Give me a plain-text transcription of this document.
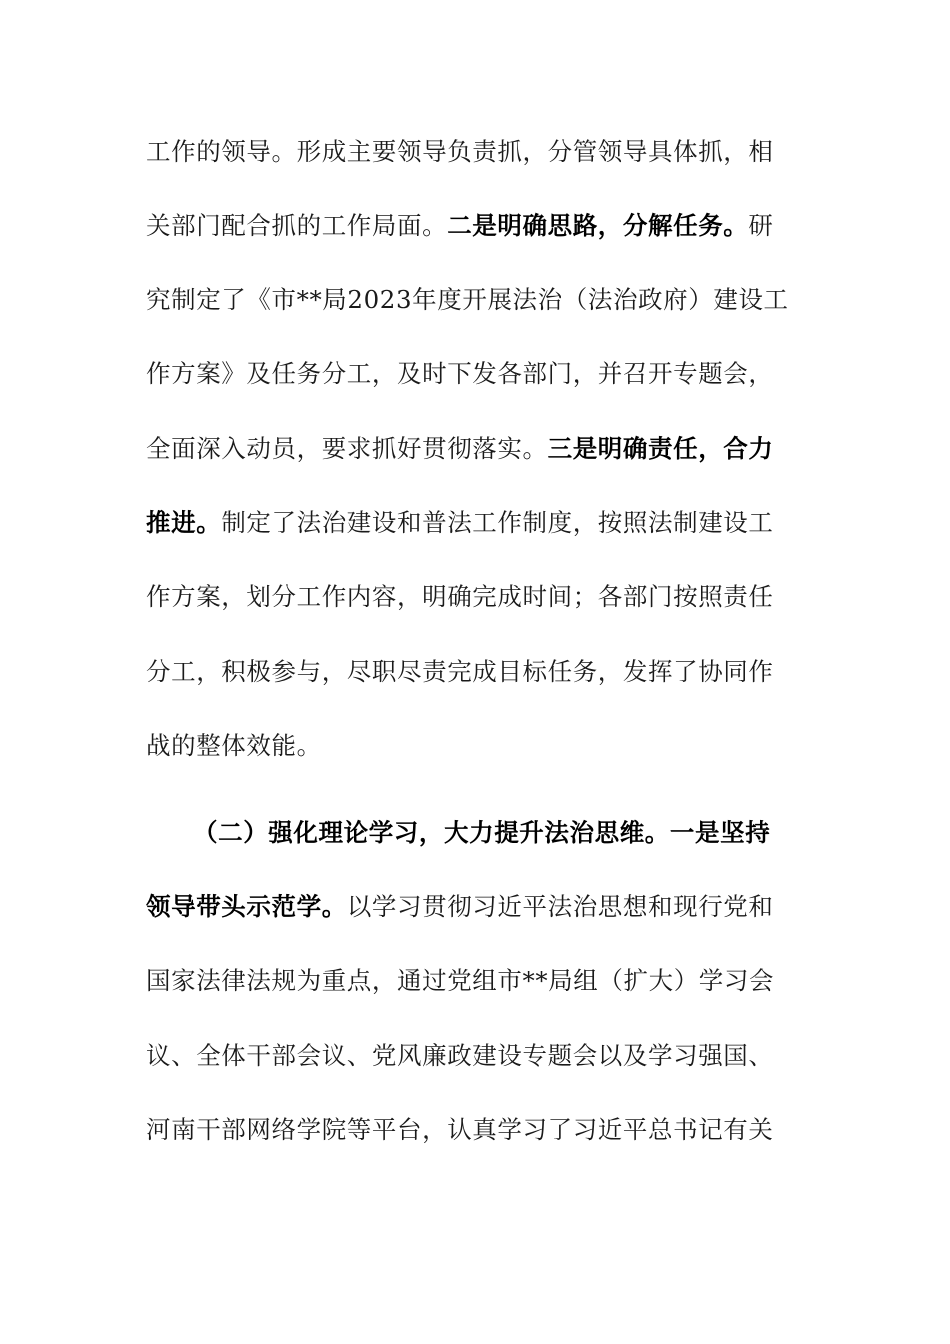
工作的领导。形成主要领导负责抓，分管领导具体抓，相
关部门配合抓的工作局面。二是明确思路，分解任务。研
究制定了《市**局2023年度开展法治（法治政府）建设工
作方案》及任务分工，及时下发各部门，并召开专题会，
全面深入动员，要求抓好贯彻落实。三是明确责任，合力
推进。制定了法治建设和普法工作制度，按照法制建设工
作方案，划分工作内容，明确完成时间；各部门按照责任
分工，积极参与，尽职尽责完成目标任务，发挥了协同作
战的整体效能。
（二）强化理论学习，大力提升法治思维。一是坚持
领导带头示范学。以学习贯彻习近平法治思想和现行党和
国家法律法规为重点，通过党组市**局组（扩大）学习会
议、全体干部会议、党风廉政建设专题会以及学习强国、
河南干部网络学院等平台，认真学习了习近平总书记有关
